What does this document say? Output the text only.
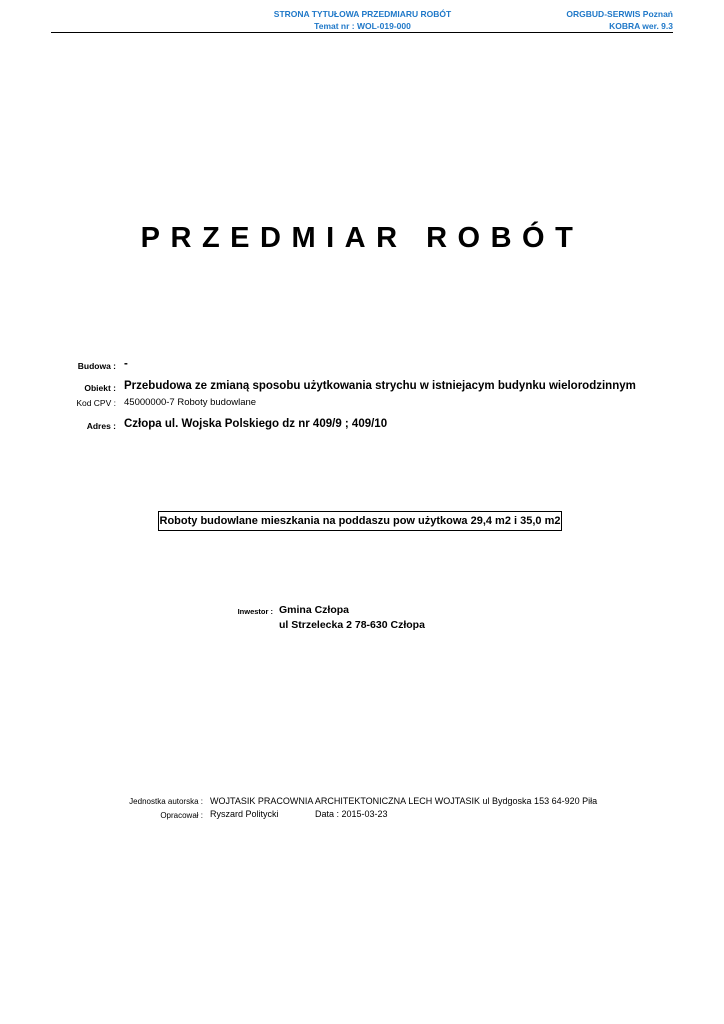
STRONA TYTUŁOWA PRZEDMIARU ROBÓT
Temat nr : WOL-019-000
ORGBUD-SERWIS Poznań
KOBRA wer. 9.3
PRZEDMIAR ROBÓT
Budowa : -
Obiekt : Przebudowa ze zmianą sposobu użytkowania strychu w istniejacym budynku wielorodzinnym
Kod CPV : 45000000-7 Roboty budowlane
Adres : Człopa ul. Wojska Polskiego dz nr 409/9 ; 409/10
Roboty budowlane mieszkania na poddaszu pow użytkowa 29,4 m2 i 35,0 m2
Inwestor : Gmina Człopa
ul Strzelecka 2 78-630 Człopa
Jednostka autorska : WOJTASIK PRACOWNIA ARCHITEKTONICZNA LECH WOJTASIK ul Bydgoska 153 64-920 Piła
Opracował : Ryszard Politycki	Data : 2015-03-23
